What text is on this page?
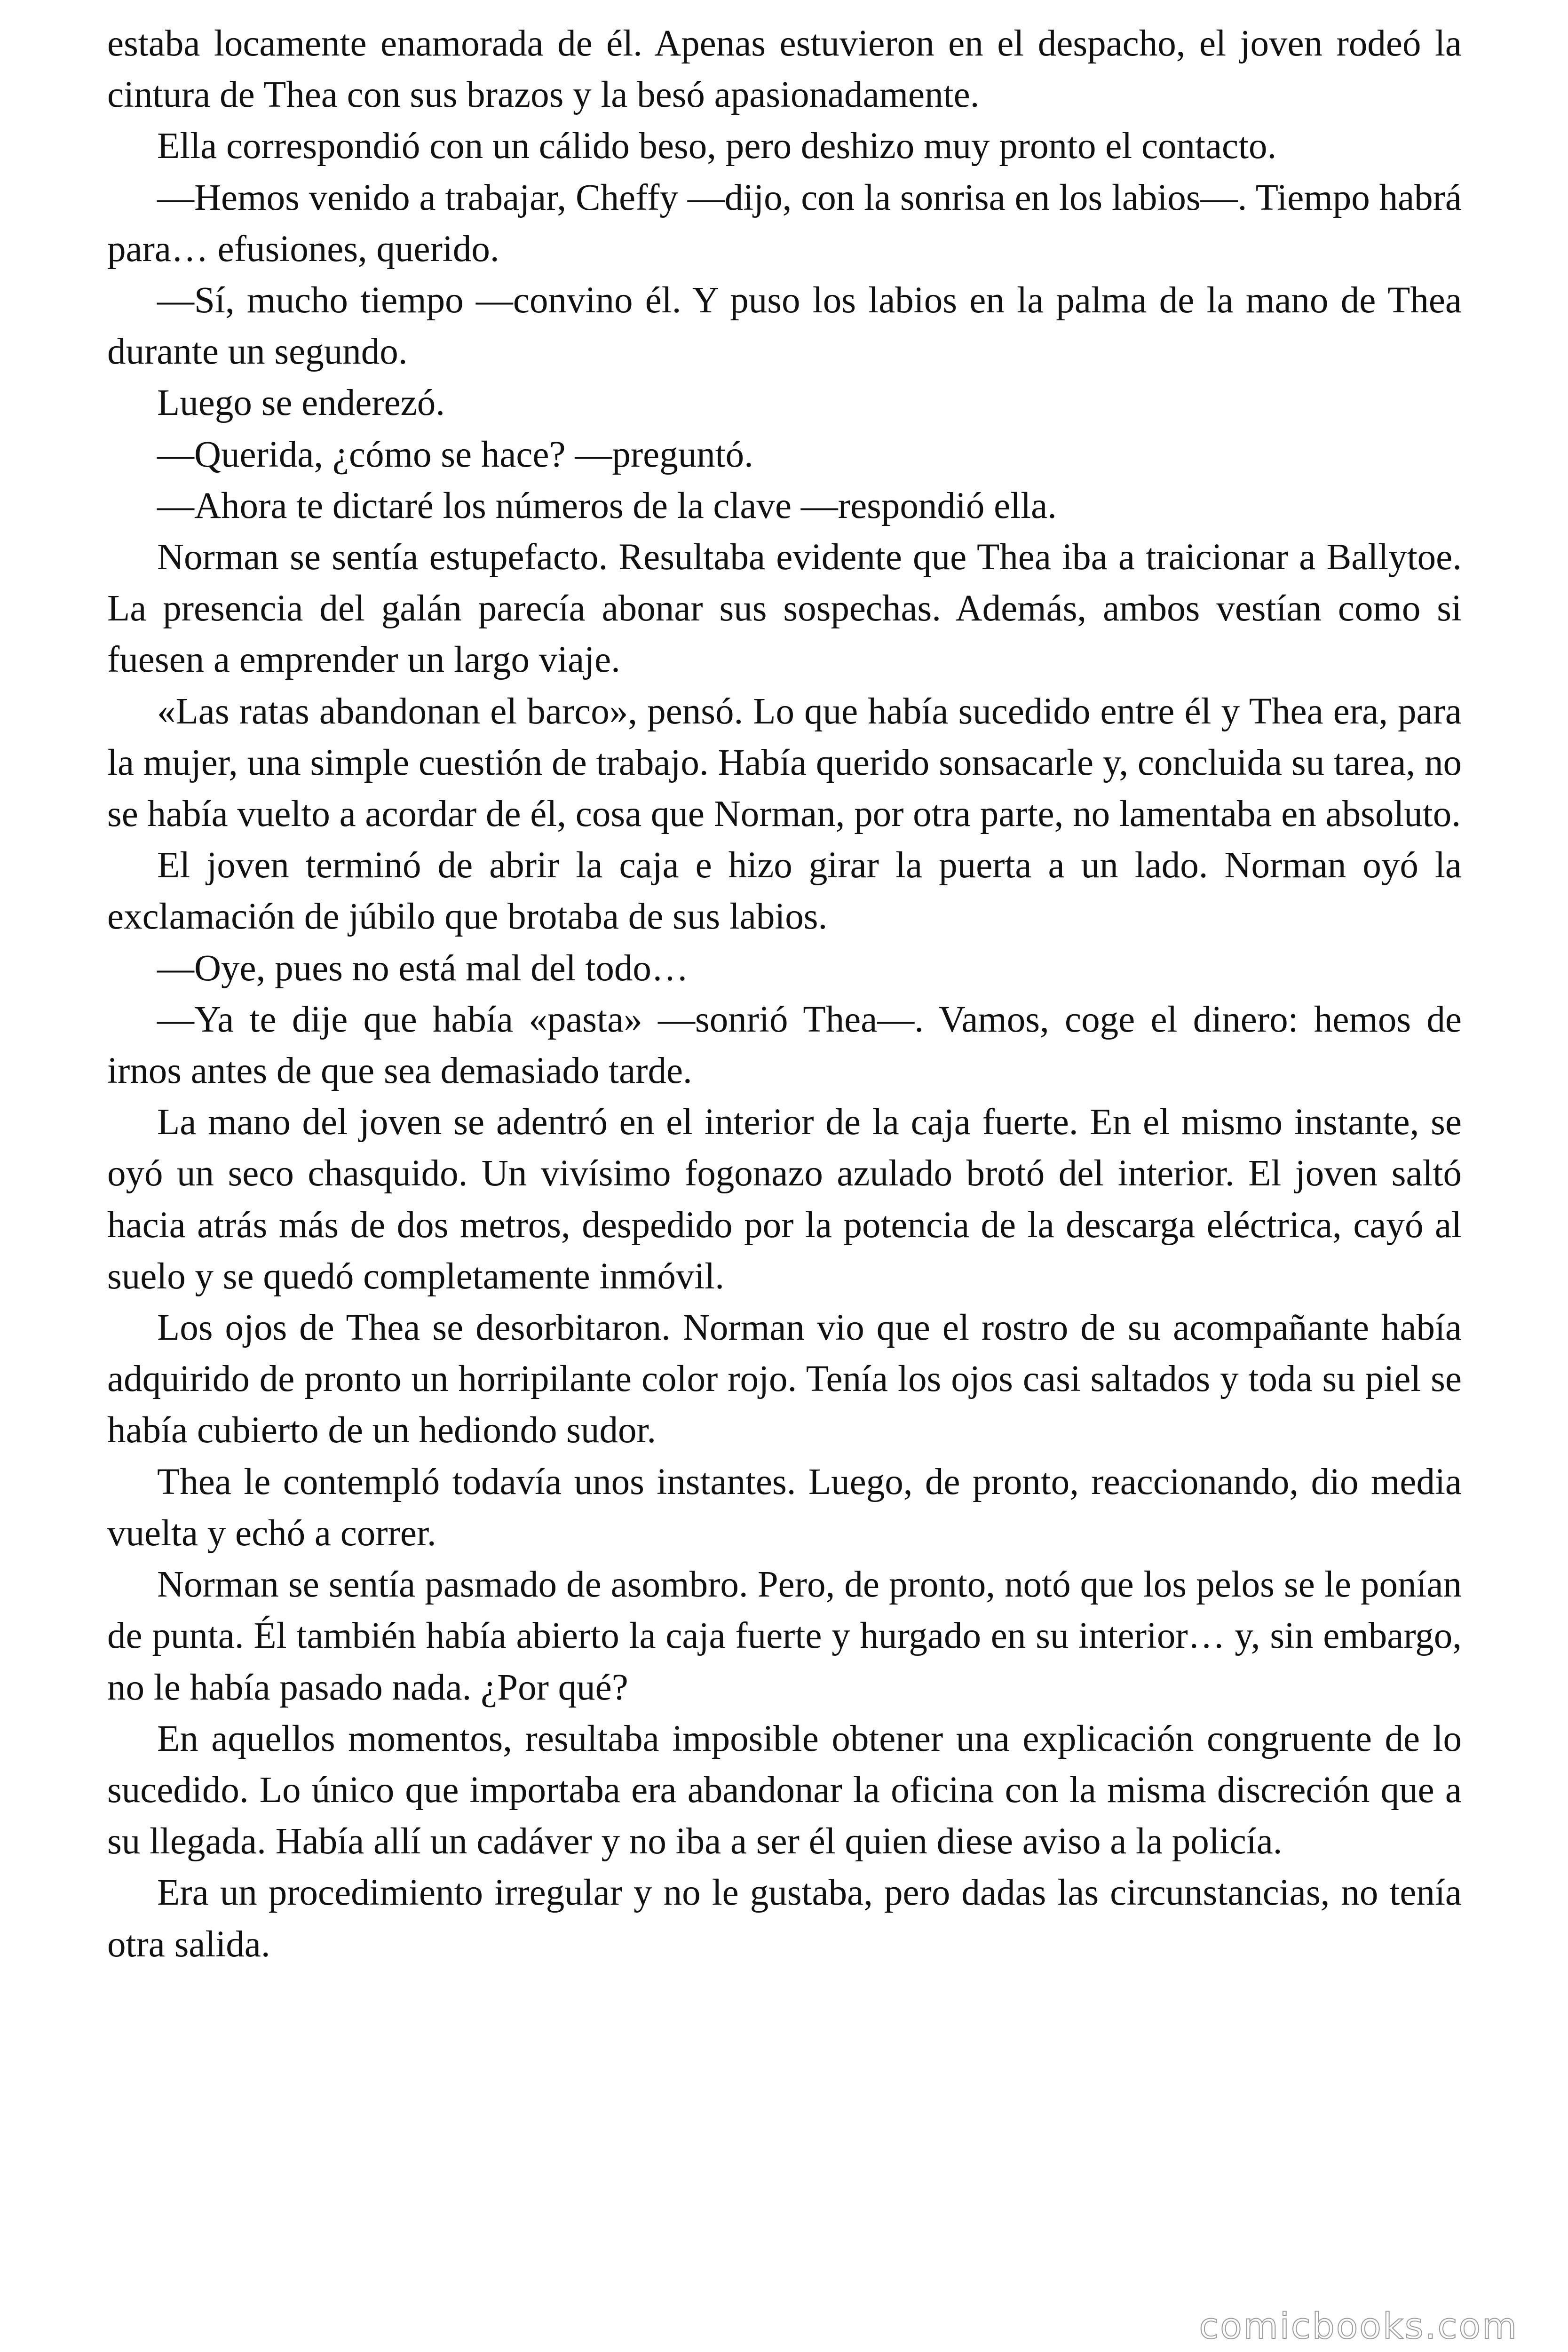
estaba locamente enamorada de él. Apenas estuvieron en el despacho, el joven rodeó la cintura de Thea con sus brazos y la besó apasionadamente.

Ella correspondió con un cálido beso, pero deshizo muy pronto el contacto.

—Hemos venido a trabajar, Cheffy —dijo, con la sonrisa en los labios—. Tiempo habrá para… efusiones, querido.

—Sí, mucho tiempo —convino él. Y puso los labios en la palma de la mano de Thea durante un segundo.

Luego se enderezó.

—Querida, ¿cómo se hace? —preguntó.

—Ahora te dictaré los números de la clave —respondió ella.

Norman se sentía estupefacto. Resultaba evidente que Thea iba a traicionar a Ballytoe. La presencia del galán parecía abonar sus sospechas. Además, ambos vestían como si fuesen a emprender un largo viaje.

«Las ratas abandonan el barco», pensó. Lo que había sucedido entre él y Thea era, para la mujer, una simple cuestión de trabajo. Había querido sonsacarle y, concluida su tarea, no se había vuelto a acordar de él, cosa que Norman, por otra parte, no lamentaba en absoluto.

El joven terminó de abrir la caja e hizo girar la puerta a un lado. Norman oyó la exclamación de júbilo que brotaba de sus labios.

—Oye, pues no está mal del todo…

—Ya te dije que había «pasta» —sonrió Thea—. Vamos, coge el dinero: hemos de irnos antes de que sea demasiado tarde.

La mano del joven se adentró en el interior de la caja fuerte. En el mismo instante, se oyó un seco chasquido. Un vivísimo fogonazo azulado brotó del interior. El joven saltó hacia atrás más de dos metros, despedido por la potencia de la descarga eléctrica, cayó al suelo y se quedó completamente inmóvil.

Los ojos de Thea se desorbitaron. Norman vio que el rostro de su acompañante había adquirido de pronto un horripilante color rojo. Tenía los ojos casi saltados y toda su piel se había cubierto de un hediondo sudor.

Thea le contempló todavía unos instantes. Luego, de pronto, reaccionando, dio media vuelta y echó a correr.

Norman se sentía pasmado de asombro. Pero, de pronto, notó que los pelos se le ponían de punta. Él también había abierto la caja fuerte y hurgado en su interior… y, sin embargo, no le había pasado nada. ¿Por qué?

En aquellos momentos, resultaba imposible obtener una explicación congruente de lo sucedido. Lo único que importaba era abandonar la oficina con la misma discreción que a su llegada. Había allí un cadáver y no iba a ser él quien diese aviso a la policía.

Era un procedimiento irregular y no le gustaba, pero dadas las circunstancias, no tenía otra salida.

comicbooks.com
